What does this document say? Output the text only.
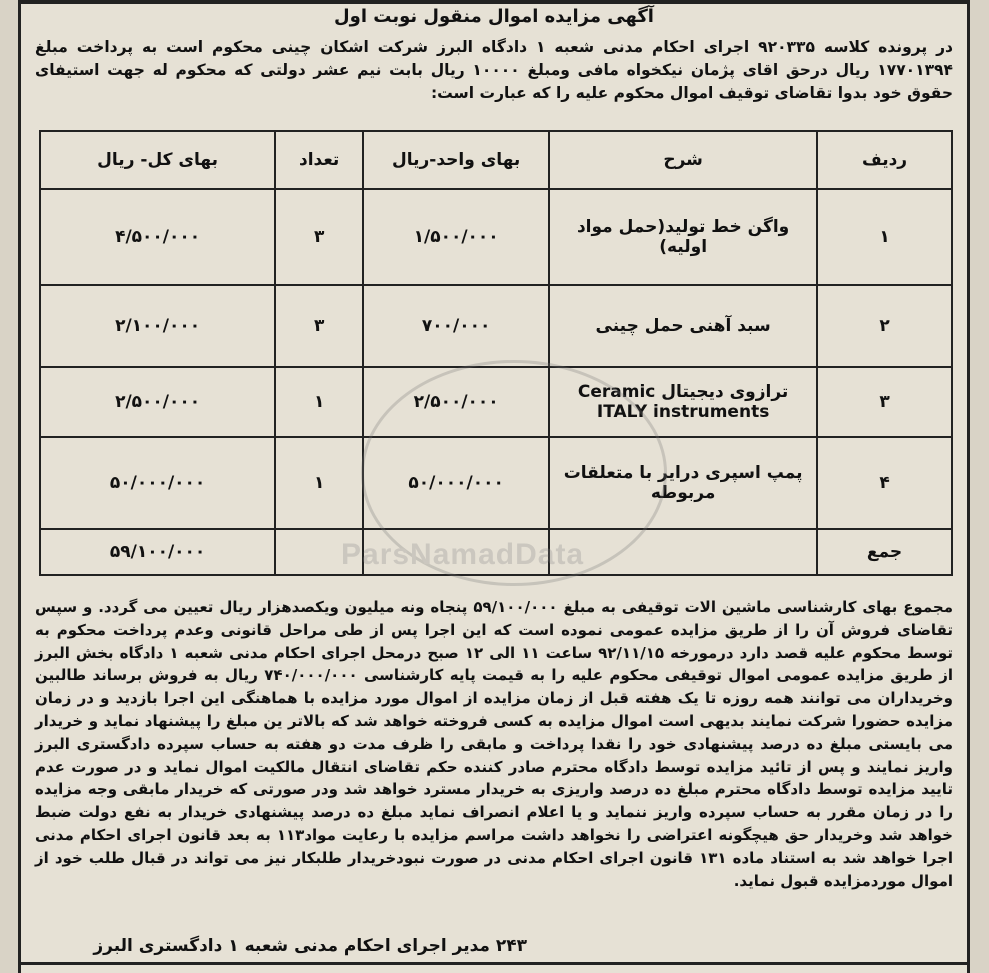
آگهی مزایده اموال منقول نوبت اول
در پرونده کلاسه ۹۲۰۳۳۵ اجرای احکام مدنی شعبه ۱ دادگاه البرز شرکت اشکان چینی محکوم است به پرداخت مبلغ ۱۷۷۰۱۳۹۴ ریال درحق اقای پژمان نیکخواه مافی ومبلغ ۱۰۰۰۰ ریال بابت نیم عشر دولتی که محکوم له جهت استیفای حقوق خود بدوا تقاضای توقیف اموال محکوم علیه را که عبارت است:
ردیف	شرح	بهای واحد-ریال	تعداد	بهای کل- ریال
۱	واگن خط تولید(حمل مواد اولیه)	۱/۵۰۰/۰۰۰	۳	۴/۵۰۰/۰۰۰
۲	سبد آهنی حمل چینی	۷۰۰/۰۰۰	۳	۲/۱۰۰/۰۰۰
۳	ترازوی دیجیتال Ceramic ITALY instruments	۲/۵۰۰/۰۰۰	۱	۲/۵۰۰/۰۰۰
۴	پمپ اسپری درایر با متعلقات مربوطه	۵۰/۰۰۰/۰۰۰	۱	۵۰/۰۰۰/۰۰۰
جمع				۵۹/۱۰۰/۰۰۰	ParsNamadData
مجموع بهای کارشناسی ماشین الات توقیفی به مبلغ ۵۹/۱۰۰/۰۰۰ پنجاه ونه میلیون ویکصدهزار ریال تعیین می گردد. و سپس تقاضای فروش آن را از طریق مزایده عمومی نموده است که این اجرا پس از طی مراحل قانونی وعدم پرداخت محکوم به توسط محکوم علیه قصد دارد درمورخه ۹۲/۱۱/۱۵ ساعت ۱۱ الی ۱۲ صبح درمحل اجرای احکام مدنی شعبه ۱ دادگاه بخش البرز از طریق مزایده عمومی اموال توقیفی محکوم علیه را به قیمت پایه کارشناسی ۷۴۰/۰۰۰/۰۰۰ ریال به فروش برساند طالبین وخریداران می توانند همه روزه تا یک هفته قبل از زمان مزایده از اموال مورد مزایده با هماهنگی این اجرا بازدید و در زمان مزایده حضورا شرکت نمایند بدیهی است اموال مزایده به کسی فروخته خواهد شد که بالاتر ین مبلغ را پیشنهاد نماید و خریدار می بایستی مبلغ ده درصد پیشنهادی خود را نقدا پرداخت و مابقی را ظرف مدت دو هفته به حساب سپرده دادگستری البرز واریز نمایند و پس از تائید مزایده توسط دادگاه محترم صادر کننده حکم تقاضای انتقال مالکیت اموال نماید و در صورت عدم تایید مزایده توسط دادگاه محترم مبلغ ده درصد واریزی به خریدار مسترد خواهد شد ودر صورتی که خریدار مابقی وجه مزایده را در زمان مقرر به حساب سپرده واریز ننماید و یا اعلام انصراف نماید مبلغ ده درصد پیشنهادی خریدار به نفع دولت ضبط خواهد شد وخریدار حق هیچگونه اعتراضی را نخواهد داشت مراسم مزایده با رعایت مواد۱۱۳ به بعد قانون اجرای احکام مدنی اجرا خواهد شد به استناد ماده ۱۳۱ قانون اجرای احکام مدنی در صورت نبودخریدار طلبکار نیز می تواند در قبال طلب خود از اموال موردمزایده قبول نماید.
۲۴۳ مدیر اجرای احکام مدنی شعبه ۱ دادگستری البرز
